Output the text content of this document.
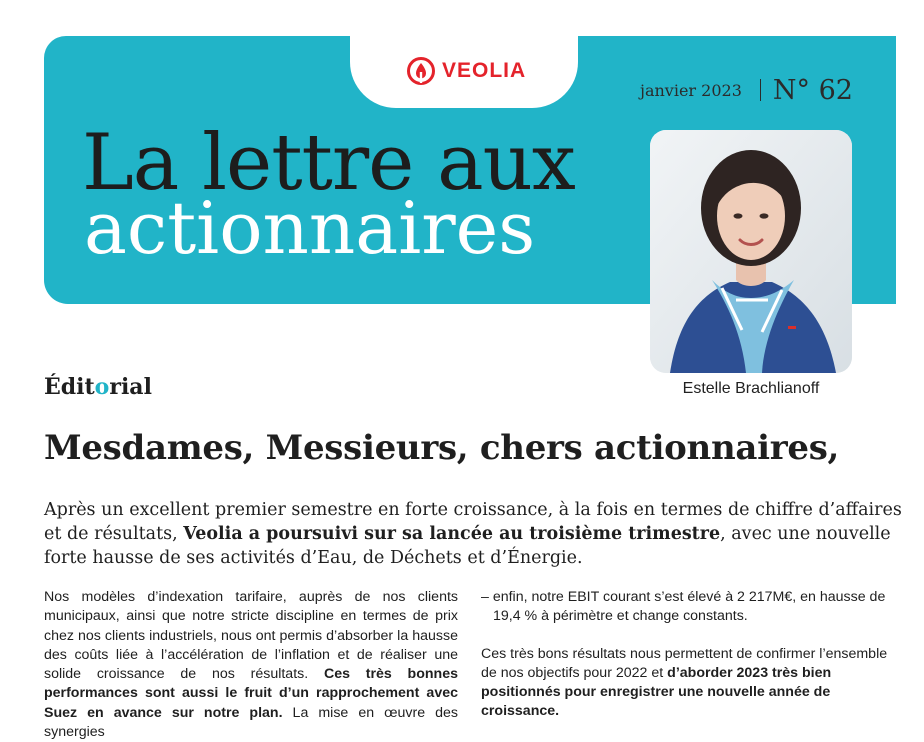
VEOLIA
janvier 2023 N° 62
La lettre aux
actionnaires
Estelle Brachlianoff
Éditorial
Mesdames, Messieurs, chers actionnaires,

Après un excellent premier semestre en forte croissance, à la fois en termes de chiffre d’affaires et de résultats, Veolia a poursuivi sur sa lancée au troisième trimestre, avec une nouvelle forte hausse de ses activités d’Eau, de Déchets et d’Énergie.

Nos modèles d’indexation tarifaire, auprès de nos clients municipaux, ainsi que notre stricte discipline en termes de prix chez nos clients industriels, nous ont permis d’absorber la hausse des coûts liée à l’accélération de l’inflation et de réaliser une solide croissance de nos résultats. Ces très bonnes performances sont aussi le fruit d’un rapprochement avec Suez en avance sur notre plan. La mise en œuvre des synergies

– enfin, notre EBIT courant s’est élevé à 2 217M€, en hausse de 19,4 % à périmètre et change constants.

Ces très bons résultats nous permettent de confirmer l’ensemble de nos objectifs pour 2022 et d’aborder 2023 très bien positionnés pour enregistrer une nouvelle année de croissance.
